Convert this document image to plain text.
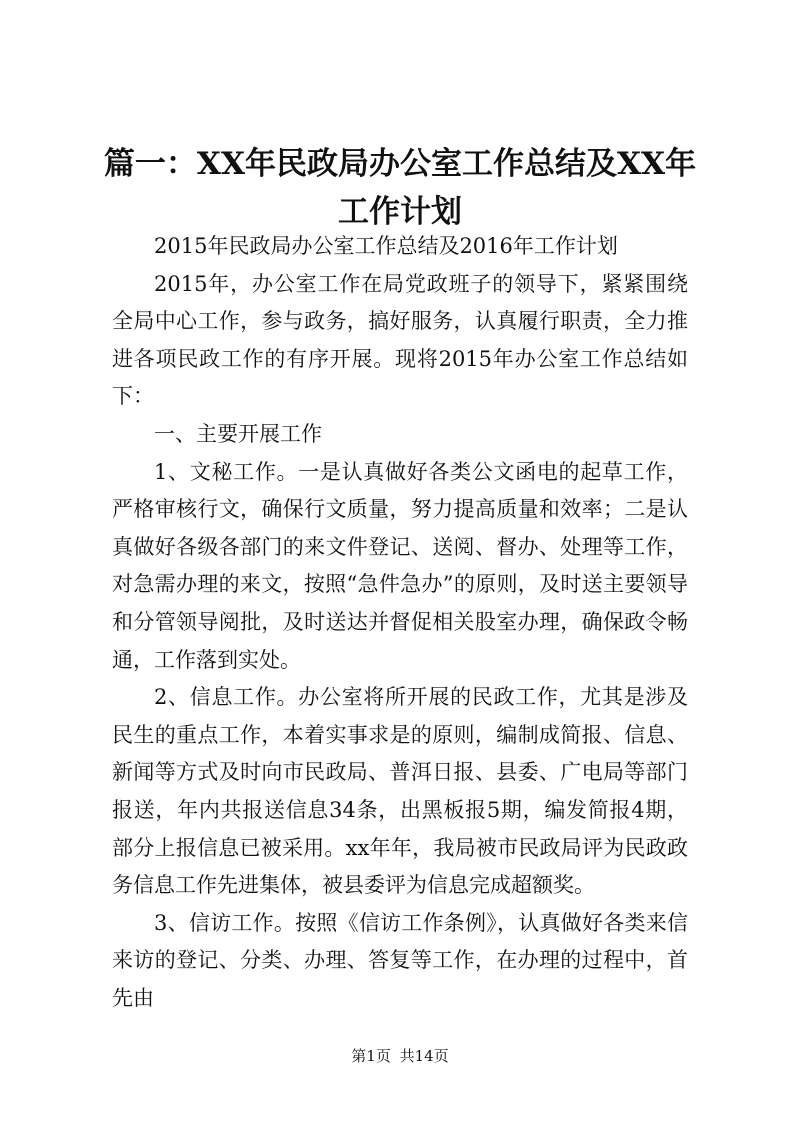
篇一：XX年民政局办公室工作总结及XX年工作计划

2015年民政局办公室工作总结及2016年工作计划

2015年，办公室工作在局党政班子的领导下，紧紧围绕全局中心工作，参与政务，搞好服务，认真履行职责，全力推进各项民政工作的有序开展。现将2015年办公室工作总结如下：

一、主要开展工作

1、文秘工作。一是认真做好各类公文函电的起草工作，严格审核行文，确保行文质量，努力提高质量和效率；二是认真做好各级各部门的来文件登记、送阅、督办、处理等工作，对急需办理的来文，按照“急件急办”的原则，及时送主要领导和分管领导阅批，及时送达并督促相关股室办理，确保政令畅通，工作落到实处。

2、信息工作。办公室将所开展的民政工作，尤其是涉及民生的重点工作，本着实事求是的原则，编制成简报、信息、新闻等方式及时向市民政局、普洱日报、县委、广电局等部门报送，年内共报送信息34条，出黑板报5期，编发简报4期，部分上报信息已被采用。xx年年，我局被市民政局评为民政政务信息工作先进集体，被县委评为信息完成超额奖。

3、信访工作。按照《信访工作条例》，认真做好各类来信来访的登记、分类、办理、答复等工作，在办理的过程中，首先由

第1页 共14页
